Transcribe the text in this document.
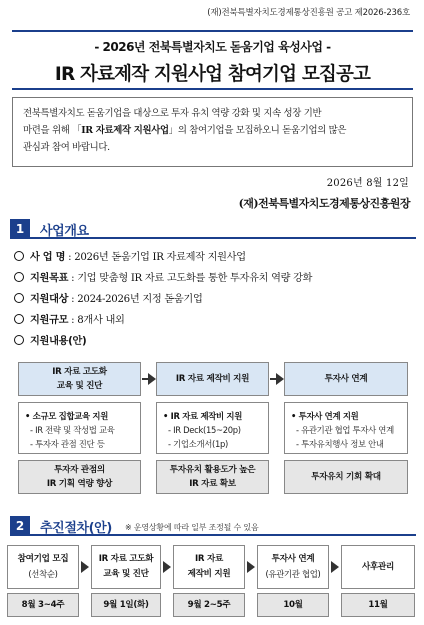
(재)전북특별자치도경제통상진흥원 공고 제2026-236호
- 2026년 전북특별자치도 돋움기업 육성사업 -
IR 자료제작 지원사업 참여기업 모집공고
전북특별자치도 돋움기업을 대상으로 투자 유치 역량 강화 및 지속 성장 기반
마련을 위해 「IR 자료제작 지원사업」의 참여기업을 모집하오니 돋움기업의 많은
관심과 참여 바랍니다.
2026년 8월 12일
(재)전북특별자치도경제통상진흥원장
1	사업개요
사 업 명 : 2026년 돋움기업 IR 자료제작 지원사업
지원목표 : 기업 맞춤형 IR 자료 고도화를 통한 투자유치 역량 강화
지원대상 : 2024-2026년 지정 돋움기업
지원규모 : 8개사 내외
지원내용(안)
IR 자료 고도화
교육 및 진단
• 소규모 집합교육 지원
- IR 전략 및 작성법 교육
- 투자자 관점 진단 등
투자자 관점의
IR 기획 역량 향상
IR 자료 제작비 지원
• IR 자료 제작비 지원
- IR Deck(15~20p)
- 기업소개서(1p)
투자유치 활용도가 높은
IR 자료 확보
투자사 연계
• 투자사 연계 지원
- 유관기관 협업 투자사 연계
- 투자유치행사 정보 안내
투자유치 기회 확대
2	추진절차(안) ※ 운영상황에 따라 일부 조정될 수 있음
참여기업 모집
(선착순)
8월 3~4주
IR 자료 고도화
교육 및 진단
9월 1일(화)
IR 자료
제작비 지원
9월 2~5주
투자사 연계
(유관기관 협업)
10월
사후관리
11월
